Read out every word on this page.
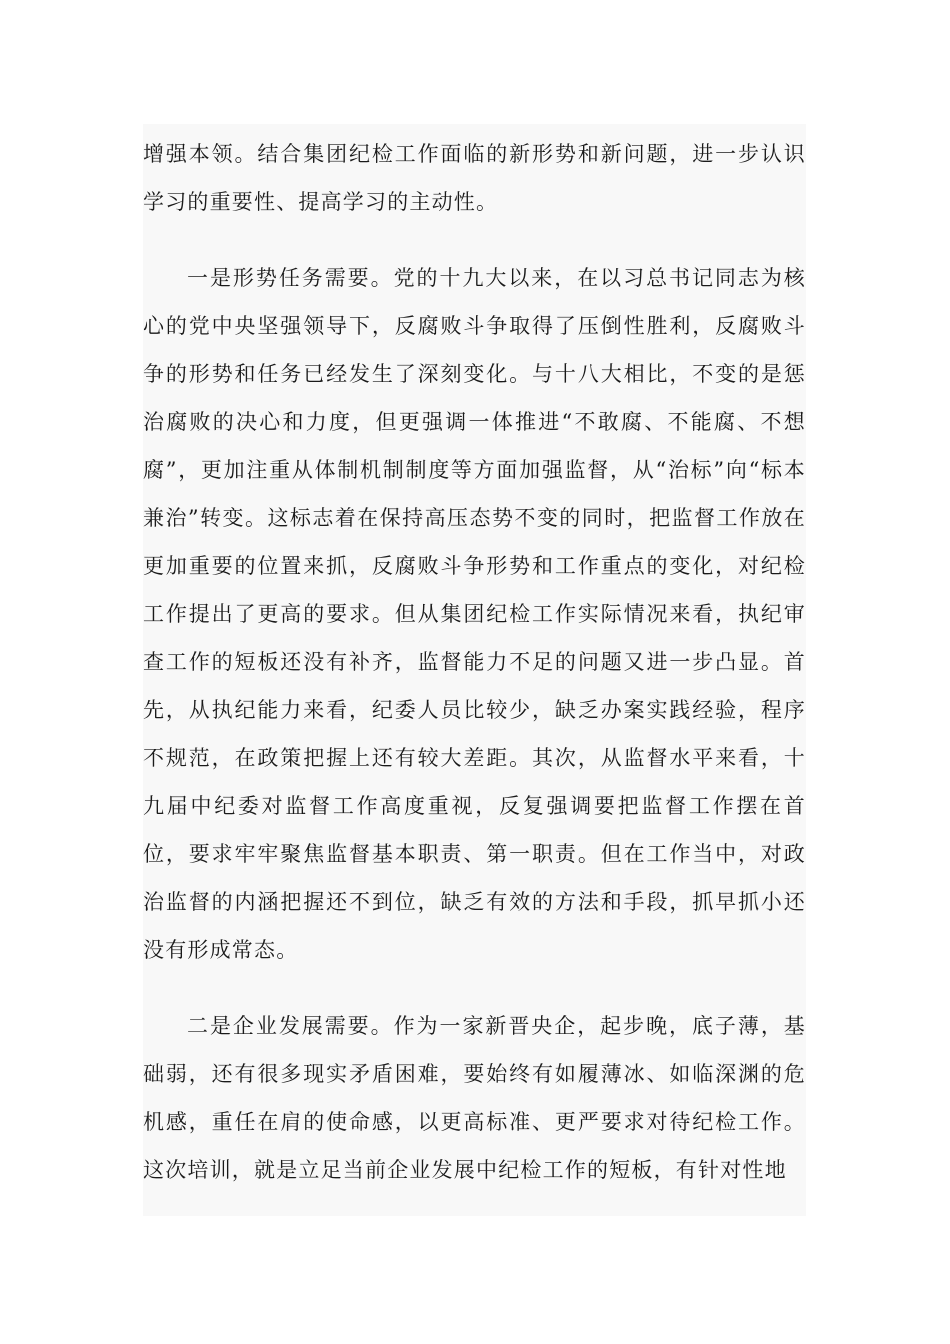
增强本领。结合集团纪检工作面临的新形势和新问题，进一步认识学习的重要性、提高学习的主动性。

一是形势任务需要。党的十九大以来，在以习总书记同志为核心的党中央坚强领导下，反腐败斗争取得了压倒性胜利，反腐败斗争的形势和任务已经发生了深刻变化。与十八大相比，不变的是惩治腐败的决心和力度，但更强调一体推进“不敢腐、不能腐、不想腐”，更加注重从体制机制制度等方面加强监督，从“治标”向“标本兼治”转变。这标志着在保持高压态势不变的同时，把监督工作放在更加重要的位置来抓，反腐败斗争形势和工作重点的变化，对纪检工作提出了更高的要求。但从集团纪检工作实际情况来看，执纪审查工作的短板还没有补齐，监督能力不足的问题又进一步凸显。首先，从执纪能力来看，纪委人员比较少，缺乏办案实践经验，程序不规范，在政策把握上还有较大差距。其次，从监督水平来看，十九届中纪委对监督工作高度重视，反复强调要把监督工作摆在首位，要求牢牢聚焦监督基本职责、第一职责。但在工作当中，对政治监督的内涵把握还不到位，缺乏有效的方法和手段，抓早抓小还没有形成常态。

二是企业发展需要。作为一家新晋央企，起步晚，底子薄，基础弱，还有很多现实矛盾困难，要始终有如履薄冰、如临深渊的危机感，重任在肩的使命感，以更高标准、更严要求对待纪检工作。这次培训，就是立足当前企业发展中纪检工作的短板，有针对性地
